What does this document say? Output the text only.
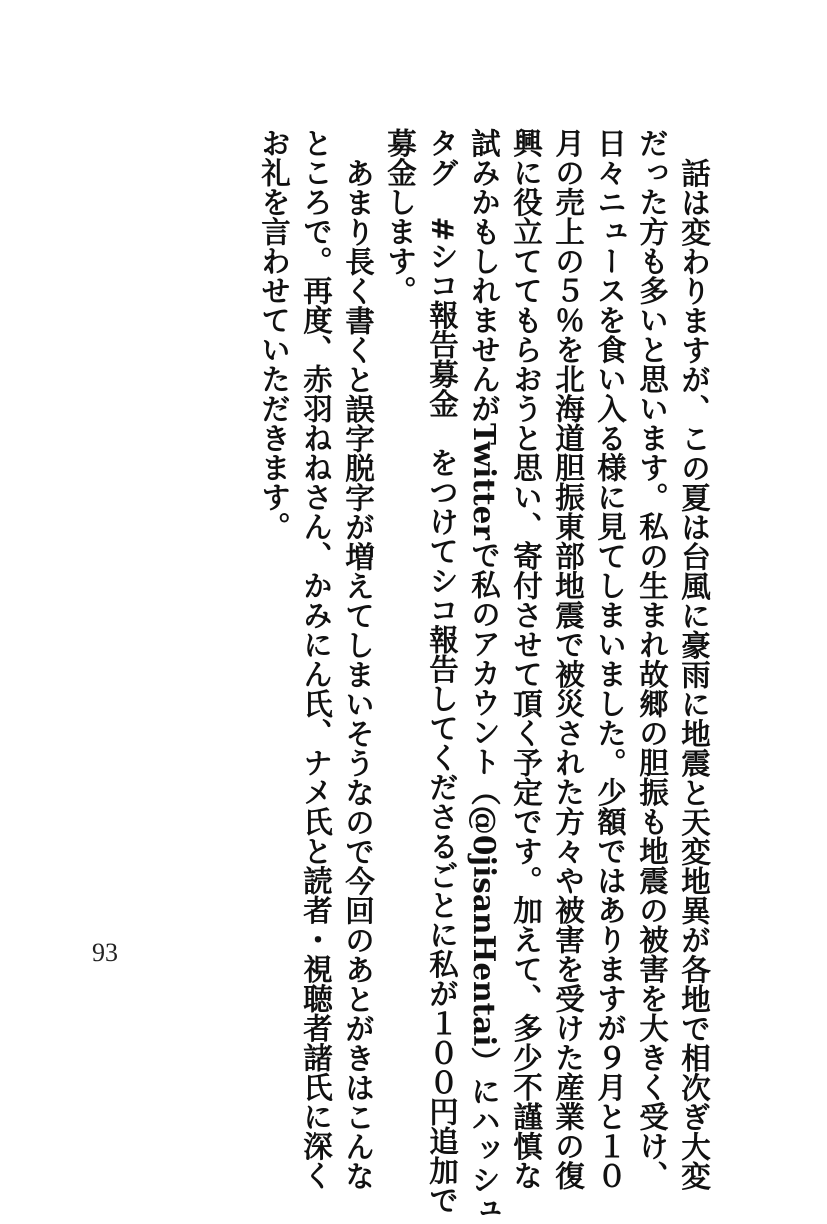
話は変わりますが、この夏は台風に豪雨に地震と天変地異が各地で相次ぎ大変
だった方も多いと思います。私の生まれ故郷の胆振も地震の被害を大きく受け、
日々ニュースを食い入る様に見てしまいました。少額ではありますが９月と１０
月の売上の５％を北海道胆振東部地震で被災された方々や被害を受けた産業の復
興に役立ててもらおうと思い、寄付させて頂く予定です。加えて、多少不謹慎な
試みかもしれませんがTwitterで私のアカウント（@0jisanHentai）にハッシュ
タグ　#シコ報告募金　をつけてシコ報告してくださるごとに私が１００円追加で
募金します。

あまり長く書くと誤字脱字が増えてしまいそうなので今回のあとがきはこんな
ところで。再度、赤羽ねねさん、かみにん氏、ナメ氏と読者・視聴者諸氏に深く
お礼を言わせていただきます。

93
